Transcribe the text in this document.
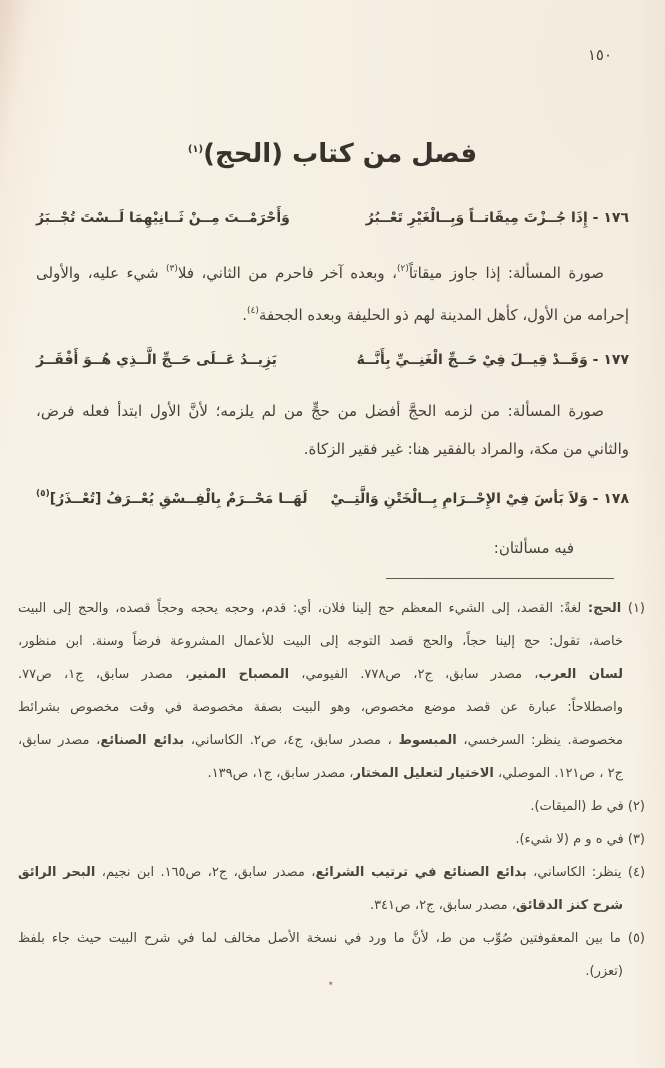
١٥٠
فصل من كتاب (الحج)$^{(١)}$
١٧٦ - إِذَا جُــزْتَ مِيقَاتــاً وَبِــالْغَيْرِ تَعْــبُرُ
وَأَحْرَمْــتَ مِــنْ ثَــانِيْهِمَا لَــسْتَ تُجْــبَرُ

صورة المسألة: إذا جاوز ميقاتاً$^{(٢)}$، وبعده آخر فاحرم من الثاني، فلا$^{(٣)}$ شيء عليه، والأولى إحرامه من الأول، كأهل المدينة لهم ذو الحليفة وبعده الجحفة$^{(٤)}$.

١٧٧ - وَقَــدْ قِيــلَ فِيْ حَــجِّ الْغَنِــيِّ بِأَنَّــهُ
يَزِيــدُ عَــلَى حَــجِّ الَّــذِي هُــوَ أَفْقَــرُ

صورة المسألة: من لزمه الحجَّ أفضل من حجٍّ من لم يلزمه؛ لأنَّ الأول ابتدأ فعله فرض، والثاني من مكة، والمراد بالفقير هنا: غير فقير الزكاة.

١٧٨ - وَلاَ بَأسَ فِيْ الإِحْــرَامِ بِــالْخَتْنِ وَالَّتِــيْ
لَهَــا مَحْــرَمٌ بِالْفِــسْقِ يُعْــرَفُ [تُعْــذَرُ]$^{(٥)}$

فيه مسألتان:

(١) الحج: لغةً: القصد، إلى الشيء المعظم حج إلينا فلان، أي: قدم، وحجه يحجه وحجاً قصده، والحج إلى البيت
خاصة، تقول: حج إلينا حجاً، والحج قصد التوجه إلى البيت للأعمال المشروعة فرضاً وسنة. ابن منظور،
لسان العرب، مصدر سابق، ج٢، ص٧٧٨. الفيومي، المصباح المنير، مصدر سابق، ج١، ص٧٧.
واصطلاحاً: عبارة عن قصد موضع مخصوص، وهو البيت بصفة مخصوصة في وقت مخصوص بشرائط
مخصوصة. ينظر: السرخسي، المبسوط ، مصدر سابق، ج٤، ص٢. الكاساني، بدائع الصنائع، مصدر سابق،
ج٢ ، ص١٢١. الموصلي، الاختيار لتعليل المختار، مصدر سابق، ج١، ص١٣٩.
(٢) في ط (الميقات).
(٣) في ه و م (لا شيء).
(٤) ينظر: الكاساني، بدائع الصنائع في ترتيب الشرائع، مصدر سابق، ج٢، ص١٦٥. ابن نجيم، البحر الرائق
شرح كنز الدقائق، مصدر سابق، ج٢، ص٣٤١.
(٥) ما بين المعقوفتين صُوِّب من ط، لأنَّ ما ورد في نسخة الأصل مخالف لما في شرح البيت حيث جاء بلفظ
(تعزر).
٭
